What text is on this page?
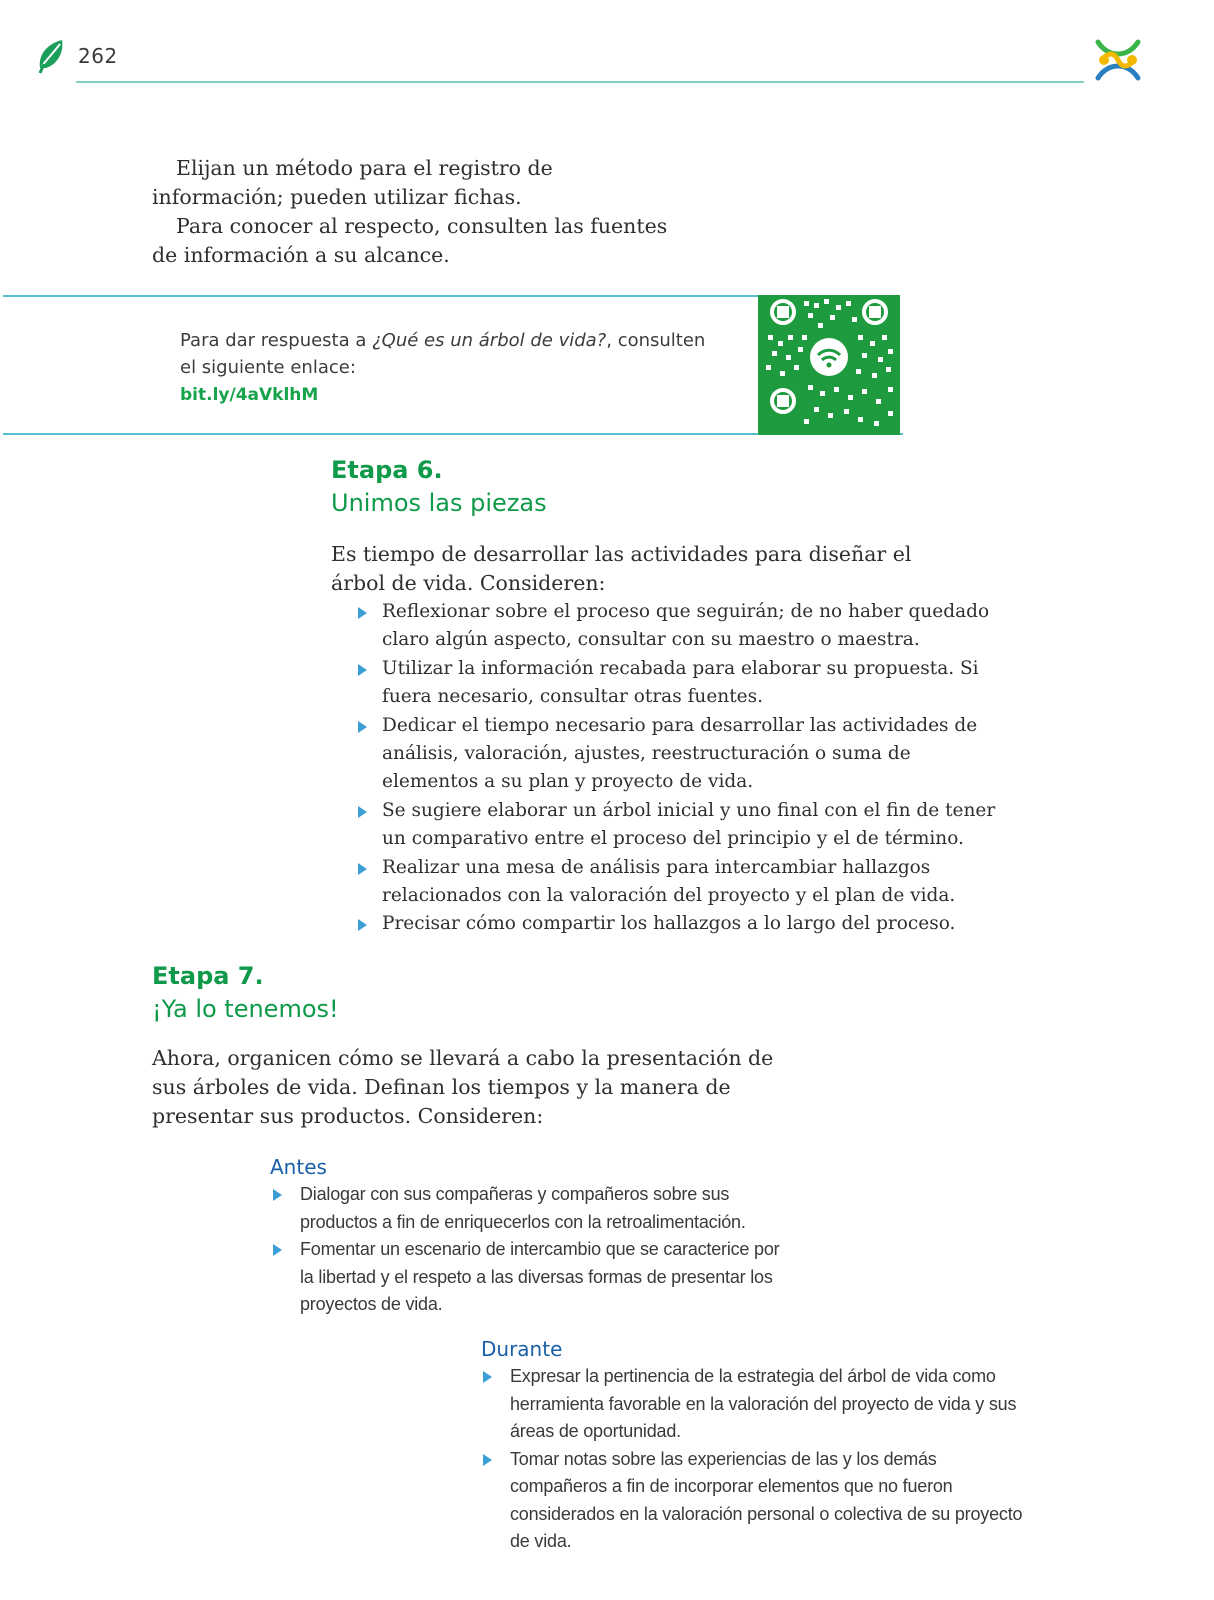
262

Elijan un método para el registro de información; pueden utilizar fichas.

Para conocer al respecto, consulten las fuentes de información a su alcance.

Para dar respuesta a ¿Qué es un árbol de vida?, consulten el siguiente enlace:
bit.ly/4aVklhM
Etapa 6.
Unimos las piezas
Es tiempo de desarrollar las actividades para diseñar el árbol de vida. Consideren:
Reflexionar sobre el proceso que seguirán; de no haber quedado claro algún aspecto, consultar con su maestro o maestra.
Utilizar la información recabada para elaborar su propuesta. Si fuera necesario, consultar otras fuentes.
Dedicar el tiempo necesario para desarrollar las actividades de análisis, valoración, ajustes, reestructuración o suma de elementos a su plan y proyecto de vida.
Se sugiere elaborar un árbol inicial y uno final con el fin de tener un comparativo entre el proceso del principio y el de término.
Realizar una mesa de análisis para intercambiar hallazgos relacionados con la valoración del proyecto y el plan de vida.
Precisar cómo compartir los hallazgos a lo largo del proceso.
Etapa 7.
¡Ya lo tenemos!
Ahora, organicen cómo se llevará a cabo la presentación de sus árboles de vida. Definan los tiempos y la manera de presentar sus productos. Consideren:
Antes
Dialogar con sus compañeras y compañeros sobre sus productos a fin de enriquecerlos con la retroalimentación.
Fomentar un escenario de intercambio que se caracterice por la libertad y el respeto a las diversas formas de presentar los proyectos de vida.
Durante
Expresar la pertinencia de la estrategia del árbol de vida como herramienta favorable en la valoración del proyecto de vida y sus áreas de oportunidad.
Tomar notas sobre las experiencias de las y los demás compañeros a fin de incorporar elementos que no fueron considerados en la valoración personal o colectiva de su proyecto de vida.
